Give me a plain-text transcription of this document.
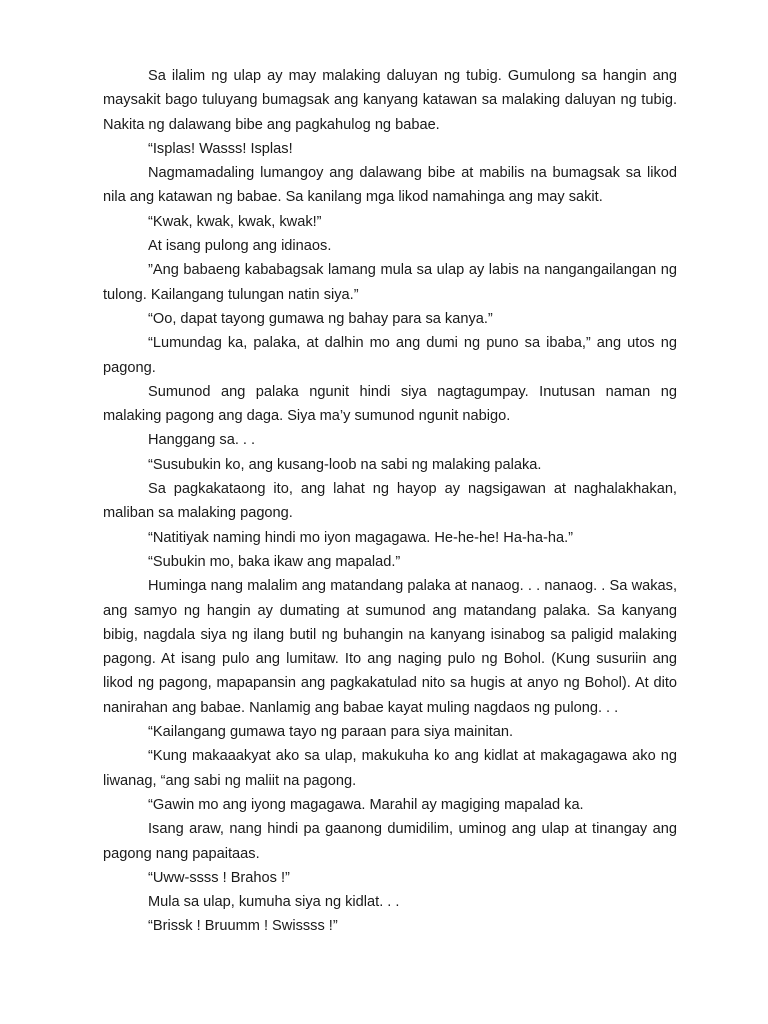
Sa ilalim ng ulap ay may malaking daluyan ng tubig. Gumulong sa hangin ang maysakit bago tuluyang bumagsak ang kanyang katawan sa malaking daluyan ng tubig. Nakita ng dalawang bibe ang pagkahulog ng babae.

“Isplas! Wasss! Isplas!

Nagmamadaling lumangoy ang dalawang bibe at mabilis na bumagsak sa likod nila ang katawan ng babae. Sa kanilang mga likod namahinga ang may sakit.

“Kwak, kwak, kwak, kwak!”

At isang pulong ang idinaos.

”Ang babaeng kababagsak lamang mula sa ulap ay labis na nangangailangan ng tulong. Kailangang tulungan natin siya.”

“Oo, dapat tayong gumawa ng bahay para sa kanya.”

“Lumundag ka, palaka, at dalhin mo ang dumi ng puno sa ibaba,” ang utos ng pagong.

Sumunod ang palaka ngunit hindi siya nagtagumpay. Inutusan naman ng malaking pagong ang daga. Siya ma’y sumunod ngunit nabigo.

Hanggang sa. . .

“Susubukin ko, ang kusang-loob na sabi ng malaking palaka.

Sa pagkakataong ito, ang lahat ng hayop ay nagsigawan at naghalakhakan, maliban sa malaking pagong.

“Natitiyak naming hindi mo iyon magagawa. He-he-he! Ha-ha-ha.”

“Subukin mo, baka ikaw ang mapalad.”

Huminga nang malalim ang matandang palaka at nanaog. . . nanaog. . Sa wakas, ang samyo ng hangin ay dumating at sumunod ang matandang palaka. Sa kanyang bibig, nagdala siya ng ilang butil ng buhangin na kanyang isinabog sa paligid malaking pagong. At isang pulo ang lumitaw. Ito ang naging pulo ng Bohol. (Kung susuriin ang likod ng pagong, mapapansin ang pagkakatulad nito sa hugis at anyo ng Bohol). At dito nanirahan ang babae. Nanlamig ang babae kayat muling nagdaos ng pulong. . .

“Kailangang gumawa tayo ng paraan para siya mainitan.

“Kung makaaakyat ako sa ulap, makukuha ko ang kidlat at makagagawa ako ng liwanag, “ang sabi ng maliit na pagong.

“Gawin mo ang iyong magagawa. Marahil ay magiging mapalad ka.

Isang araw, nang hindi pa gaanong dumidilim, uminog ang ulap at tinangay ang pagong nang papaitaas.

“Uww-ssss ! Brahos !”

Mula sa ulap, kumuha siya ng kidlat. . .

“Brissk ! Bruumm ! Swissss !”
